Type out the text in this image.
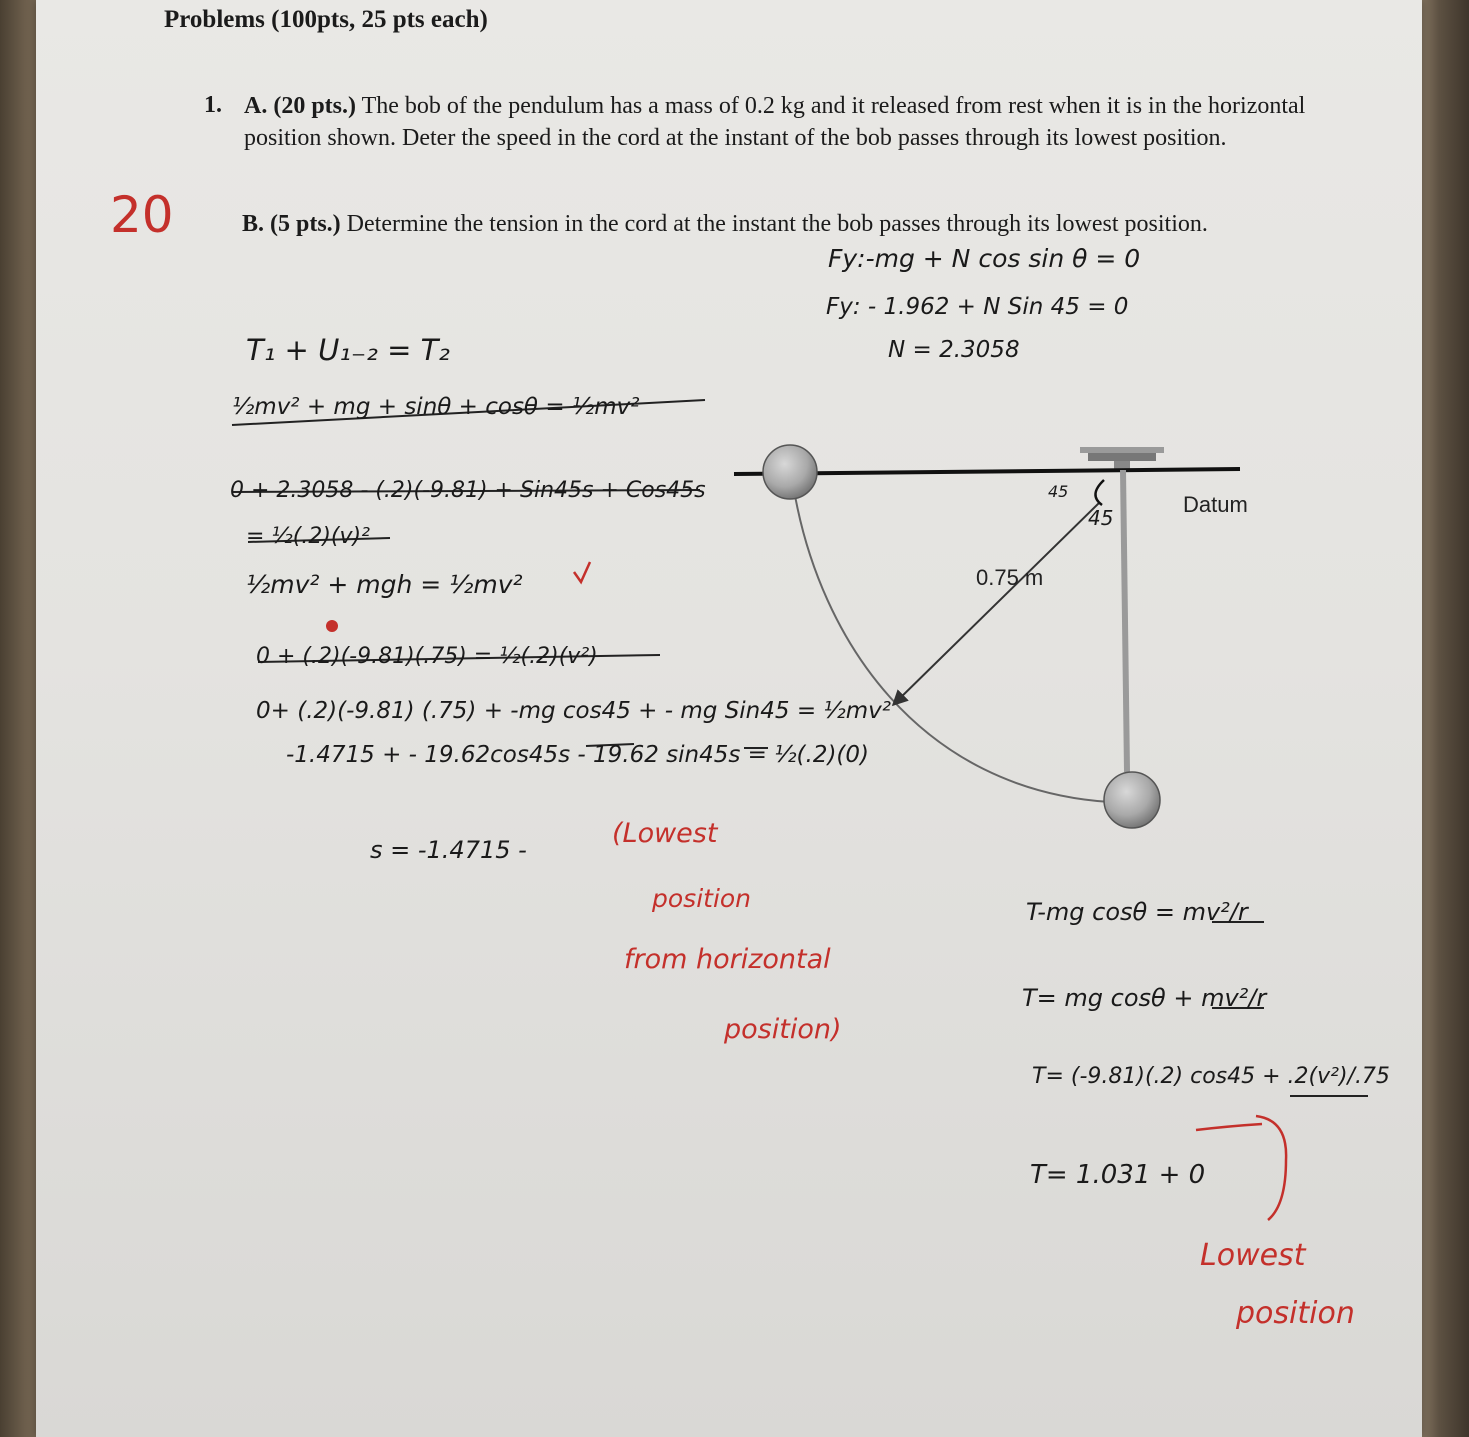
Problems (100pts, 25 pts each)
1. A. (20 pts.) The bob of the pendulum has a mass of 0.2 kg and it released from rest when it is in the horizontal position shown. Deter the speed in the cord at the instant of the bob passes through its lowest position.
B. (5 pts.) Determine the tension in the cord at the instant the bob passes through its lowest position.
20
0.75 m
Datum
45
45
Fy:-mg + N cos sin θ = 0
Fy: - 1.962 + N Sin 45 = 0
N = 2.3058
T₁ + U₁₋₂ = T₂
½mv² + mg + sinθ + cosθ = ½mv²
0 + 2.3058 - (.2)(-9.81) + Sin45s + Cos45s
= ½(.2)(v)²
½mv² + mgh = ½mv²
0 + (.2)(-9.81)(.75) = ½(.2)(v²)
0+ (.2)(-9.81) (.75) + -mg cos45 + - mg Sin45 = ½mv²
-1.4715 + - 19.62cos45s - 19.62 sin45s = ½(.2)(0)
s = -1.4715 -
T-mg cosθ = mv²/r
T= mg cosθ + mv²/r
T= (-9.81)(.2) cos45 + .2(v²)/.75
T= 1.031 + 0
(Lowest
position
from horizontal
position)
Lowest
position
